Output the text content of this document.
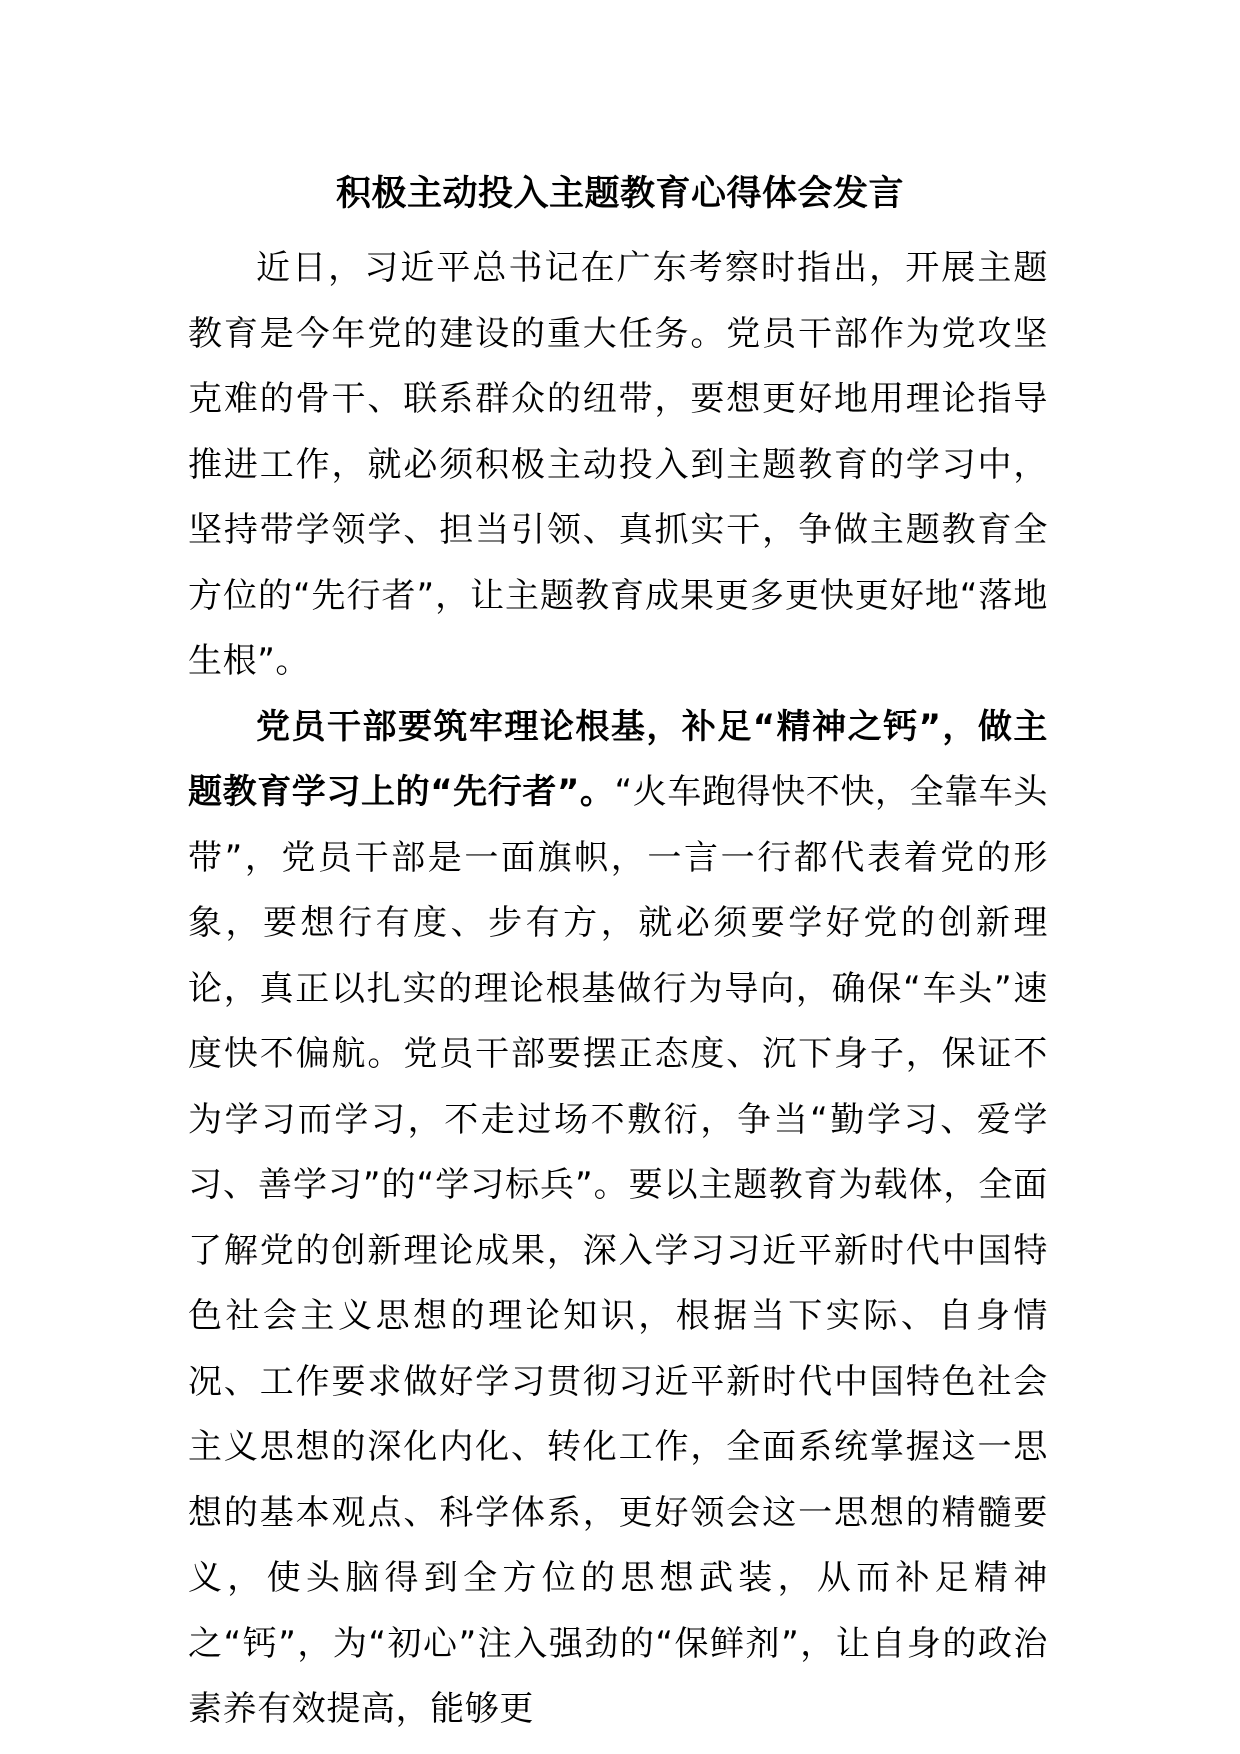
积极主动投入主题教育心得体会发言

近日，习近平总书记在广东考察时指出，开展主题教育是今年党的建设的重大任务。党员干部作为党攻坚克难的骨干、联系群众的纽带，要想更好地用理论指导推进工作，就必须积极主动投入到主题教育的学习中，坚持带学领学、担当引领、真抓实干，争做主题教育全方位的“先行者”，让主题教育成果更多更快更好地“落地生根”。

党员干部要筑牢理论根基，补足“精神之钙”，做主题教育学习上的“先行者”。“火车跑得快不快，全靠车头带”，党员干部是一面旗帜，一言一行都代表着党的形象，要想行有度、步有方，就必须要学好党的创新理论，真正以扎实的理论根基做行为导向，确保“车头”速度快不偏航。党员干部要摆正态度、沉下身子，保证不为学习而学习，不走过场不敷衍，争当“勤学习、爱学习、善学习”的“学习标兵”。要以主题教育为载体，全面了解党的创新理论成果，深入学习习近平新时代中国特色社会主义思想的理论知识，根据当下实际、自身情况、工作要求做好学习贯彻习近平新时代中国特色社会主义思想的深化内化、转化工作，全面系统掌握这一思想的基本观点、科学体系，更好领会这一思想的精髓要义，使头脑得到全方位的思想武装，从而补足精神之“钙”，为“初心”注入强劲的“保鲜剂”，让自身的政治素养有效提高，能够更
